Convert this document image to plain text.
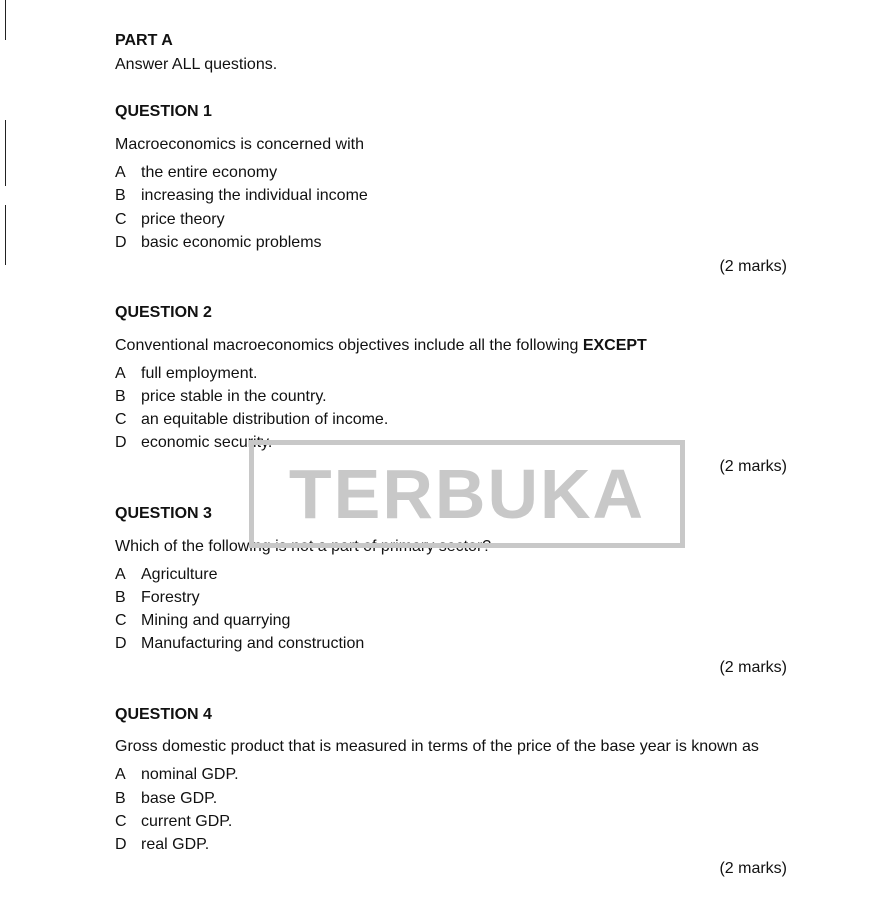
PART A
Answer ALL questions.
QUESTION 1
Macroeconomics is concerned with
A the entire economy
B increasing the individual income
C price theory
D basic economic problems
(2 marks)
QUESTION 2
Conventional macroeconomics objectives include all the following EXCEPT
A full employment.
B price stable in the country.
C an equitable distribution of income.
D economic security.
(2 marks)
QUESTION 3
Which of the following is not a part of primary sector?
A Agriculture
B Forestry
C Mining and quarrying
D Manufacturing and construction
(2 marks)
QUESTION 4
Gross domestic product that is measured in terms of the price of the base year is known as
A nominal GDP.
B base GDP.
C current GDP.
D real GDP.
(2 marks)
TERBUKA
